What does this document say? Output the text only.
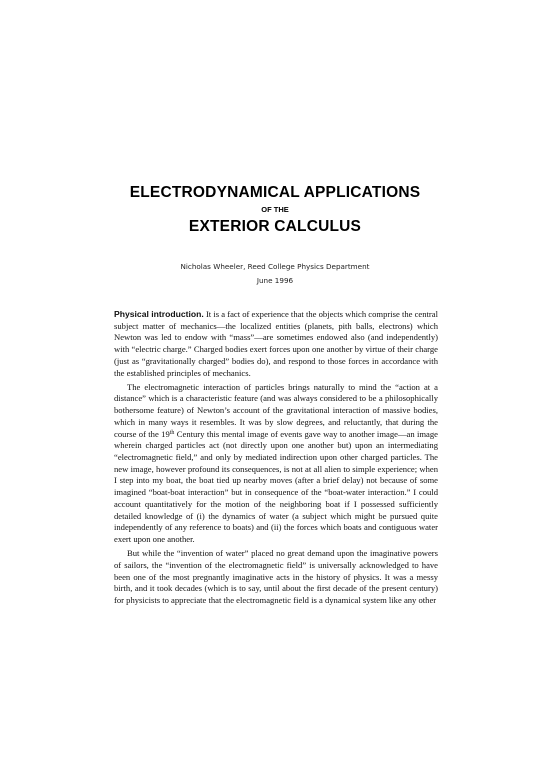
ELECTRODYNAMICAL APPLICATIONS
OF THE
EXTERIOR CALCULUS
Nicholas Wheeler, Reed College Physics Department
June 1996

Physical introduction. It is a fact of experience that the objects which comprise the central subject matter of mechanics—the localized entities (planets, pith balls, electrons) which Newton was led to endow with “mass”—are sometimes endowed also (and independently) with “electric charge.” Charged bodies exert forces upon one another by virtue of their charge (just as “gravitationally charged” bodies do), and respond to those forces in accordance with the established principles of mechanics.

The electromagnetic interaction of particles brings naturally to mind the “action at a distance” which is a characteristic feature (and was always considered to be a philosophically bothersome feature) of Newton’s account of the gravitational interaction of massive bodies, which in many ways it resembles. It was by slow degrees, and reluctantly, that during the course of the 19th Century this mental image of events gave way to another image—an image wherein charged particles act (not directly upon one another but) upon an intermediating “electromagnetic field,” and only by mediated indirection upon other charged particles. The new image, however profound its consequences, is not at all alien to simple experience; when I step into my boat, the boat tied up nearby moves (after a brief delay) not because of some imagined “boat-boat interaction” but in consequence of the “boat-water interaction.” I could account quantitatively for the motion of the neighboring boat if I possessed sufficiently detailed knowledge of (i) the dynamics of water (a subject which might be pursued quite independently of any reference to boats) and (ii) the forces which boats and contiguous water exert upon one another.

But while the “invention of water” placed no great demand upon the imaginative powers of sailors, the “invention of the electromagnetic field” is universally acknowledged to have been one of the most pregnantly imaginative acts in the history of physics. It was a messy birth, and it took decades (which is to say, until about the first decade of the present century) for physicists to appreciate that the electromagnetic field is a dynamical system like any other
